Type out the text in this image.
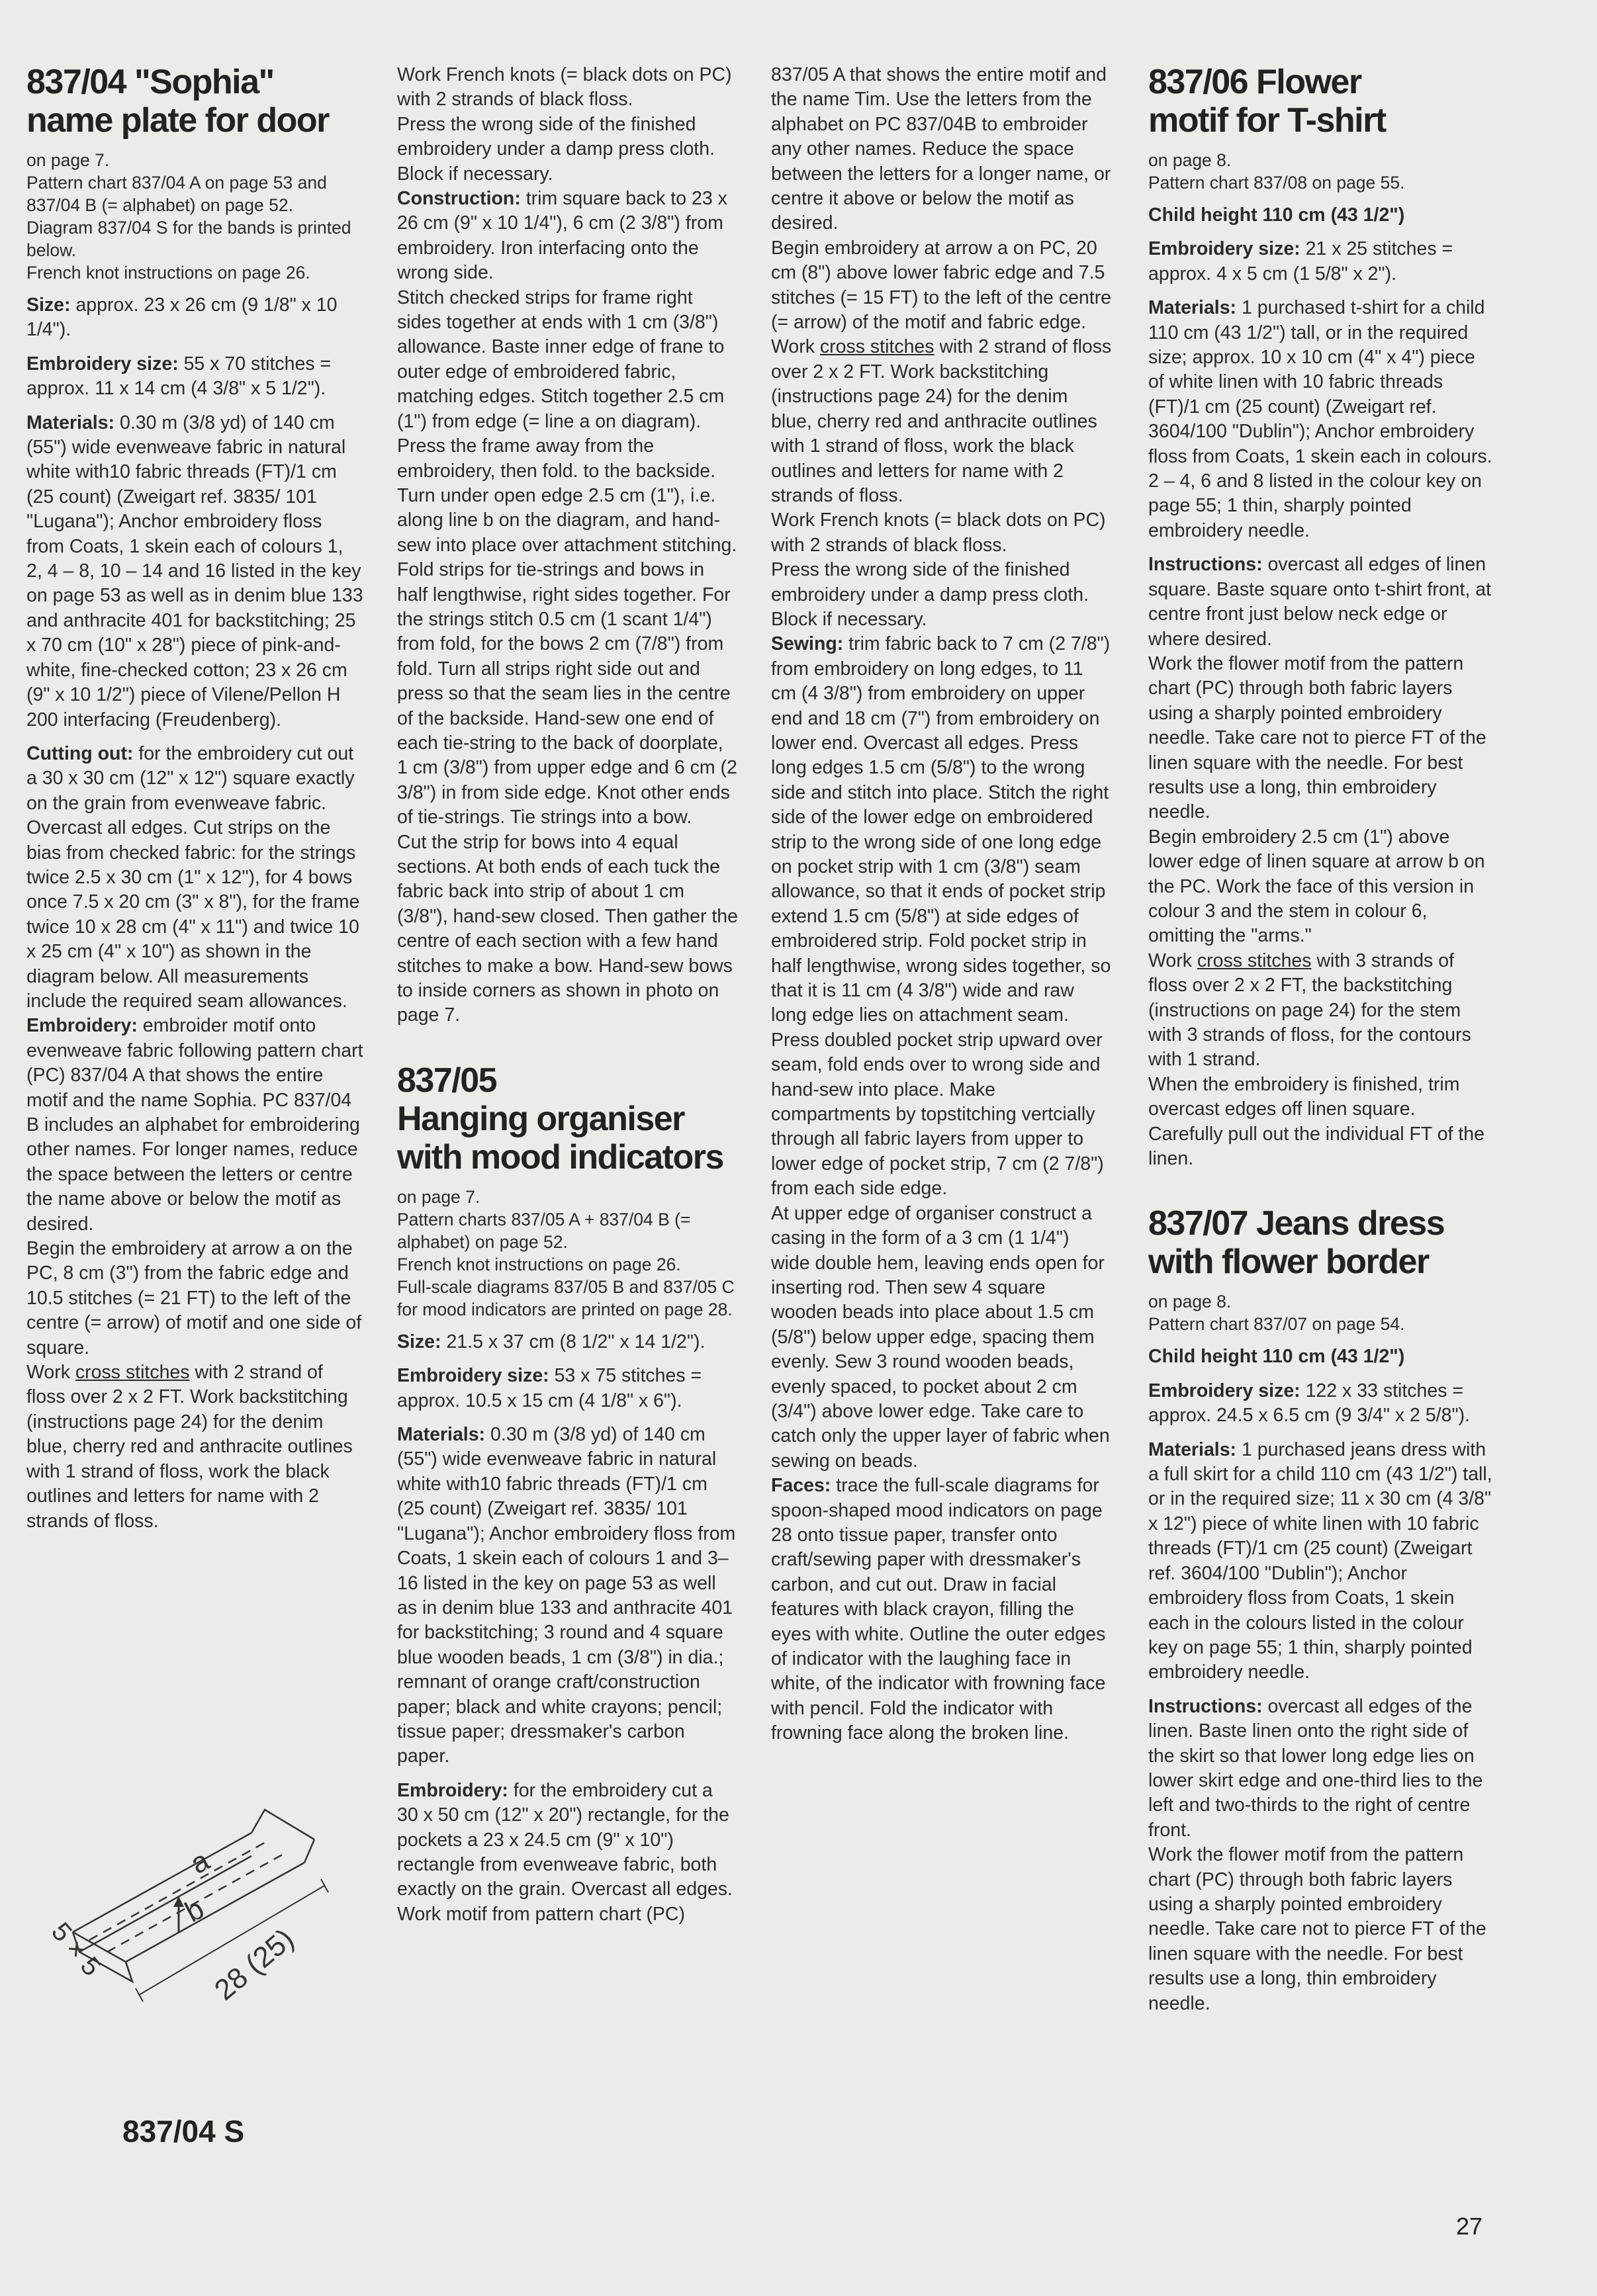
837/04 "Sophia"
name plate for door
on page 7.
Pattern chart 837/04 A on page 53 and 837/04 B (= alphabet) on page 52.
Diagram 837/04 S for the bands is printed below.
French knot instructions on page 26.

Size: approx. 23 x 26 cm (9 1/8" x 10 1/4").

Embroidery size: 55 x 70 stitches = approx. 11 x 14 cm (4 3/8" x 5 1/2").

Materials: 0.30 m (3/8 yd) of 140 cm (55") wide evenweave fabric in natural white with10 fabric threads (FT)/1 cm (25 count) (Zweigart ref. 3835/ 101 "Lugana"); Anchor embroidery floss from Coats, 1 skein each of colours 1, 2, 4 – 8, 10 – 14 and 16 listed in the key on page 53 as well as in denim blue 133 and anthracite 401 for backstitching; 25 x 70 cm (10" x 28") piece of pink-and-white, fine-checked cotton; 23 x 26 cm (9" x 10 1/2") piece of Vilene/Pellon H 200 interfacing (Freudenberg).

Cutting out: for the embroidery cut out a 30 x 30 cm (12" x 12") square exactly on the grain from evenweave fabric. Overcast all edges. Cut strips on the bias from checked fabric: for the strings twice 2.5 x 30 cm (1" x 12"), for 4 bows once 7.5 x 20 cm (3" x 8"), for the frame twice 10 x 28 cm (4" x 11") and twice 10 x 25 cm (4" x 10") as shown in the diagram below. All measurements include the required seam allowances.

Embroidery: embroider motif onto evenweave fabric following pattern chart (PC) 837/04 A that shows the entire motif and the name Sophia. PC 837/04 B includes an alphabet for embroidering other names. For longer names, reduce the space between the letters or centre the name above or below the motif as desired.

Begin the embroidery at arrow a on the PC, 8 cm (3") from the fabric edge and 10.5 stitches (= 21 FT) to the left of the centre (= arrow) of motif and one side of square.

Work cross stitches with 2 strand of floss over 2 x 2 FT. Work backstitching (instructions page 24) for the denim blue, cherry red and anthracite outlines with 1 strand of floss, work the black outlines and letters for name with 2 strands of floss.

a
b
28 (25)
5 × 5
837/04 S

Work French knots (= black dots on PC) with 2 strands of black floss.

Press the wrong side of the finished embroidery under a damp press cloth. Block if necessary.

Construction: trim square back to 23 x 26 cm (9" x 10 1/4"), 6 cm (2 3/8") from embroidery. Iron interfacing onto the wrong side.

Stitch checked strips for frame right sides together at ends with 1 cm (3/8") allowance. Baste inner edge of frane to outer edge of embroidered fabric, matching edges. Stitch together 2.5 cm (1") from edge (= line a on diagram). Press the frame away from the embroidery, then fold. to the backside. Turn under open edge 2.5 cm (1"), i.e. along line b on the diagram, and hand-sew into place over attachment stitching.

Fold strips for tie-strings and bows in half lengthwise, right sides together. For the strings stitch 0.5 cm (1 scant 1/4") from fold, for the bows 2 cm (7/8") from fold. Turn all strips right side out and press so that the seam lies in the centre of the backside. Hand-sew one end of each tie-string to the back of doorplate, 1 cm (3/8") from upper edge and 6 cm (2 3/8") in from side edge. Knot other ends of tie-strings. Tie strings into a bow.

Cut the strip for bows into 4 equal sections. At both ends of each tuck the fabric back into strip of about 1 cm (3/8"), hand-sew closed. Then gather the centre of each section with a few hand stitches to make a bow. Hand-sew bows to inside corners as shown in photo on page 7.

837/05
Hanging organiser
with mood indicators
on page 7.
Pattern charts 837/05 A + 837/04 B (= alphabet) on page 52.
French knot instructions on page 26.
Full-scale diagrams 837/05 B and 837/05 C for mood indicators are printed on page 28.

Size: 21.5 x 37 cm (8 1/2" x 14 1/2").

Embroidery size: 53 x 75 stitches = approx. 10.5 x 15 cm (4 1/8" x 6").

Materials: 0.30 m (3/8 yd) of 140 cm (55") wide evenweave fabric in natural white with10 fabric threads (FT)/1 cm (25 count) (Zweigart ref. 3835/ 101 "Lugana"); Anchor embroidery floss from Coats, 1 skein each of colours 1 and 3–16 listed in the key on page 53 as well as in denim blue 133 and anthracite 401 for backstitching; 3 round and 4 square blue wooden beads, 1 cm (3/8") in dia.; remnant of orange craft/construction paper; black and white crayons; pencil; tissue paper; dressmaker's carbon paper.

Embroidery: for the embroidery cut a 30 x 50 cm (12" x 20") rectangle, for the pockets a 23 x 24.5 cm (9" x 10") rectangle from evenweave fabric, both exactly on the grain. Overcast all edges.

Work motif from pattern chart (PC)

837/05 A that shows the entire motif and the name Tim. Use the letters from the alphabet on PC 837/04B to embroider any other names. Reduce the space between the letters for a longer name, or centre it above or below the motif as desired.

Begin embroidery at arrow a on PC, 20 cm (8") above lower fabric edge and 7.5 stitches (= 15 FT) to the left of the centre (= arrow) of the motif and fabric edge.

Work cross stitches with 2 strand of floss over 2 x 2 FT. Work backstitching (instructions page 24) for the denim blue, cherry red and anthracite outlines with 1 strand of floss, work the black outlines and letters for name with 2 strands of floss.

Work French knots (= black dots on PC) with 2 strands of black floss.

Press the wrong side of the finished embroidery under a damp press cloth. Block if necessary.

Sewing: trim fabric back to 7 cm (2 7/8") from embroidery on long edges, to 11 cm (4 3/8") from embroidery on upper end and 18 cm (7") from embroidery on lower end. Overcast all edges. Press long edges 1.5 cm (5/8") to the wrong side and stitch into place. Stitch the right side of the lower edge on embroidered strip to the wrong side of one long edge on pocket strip with 1 cm (3/8") seam allowance, so that it ends of pocket strip extend 1.5 cm (5/8") at side edges of embroidered strip. Fold pocket strip in half lengthwise, wrong sides together, so that it is 11 cm (4 3/8") wide and raw long edge lies on attachment seam. Press doubled pocket strip upward over seam, fold ends over to wrong side and hand-sew into place. Make compartments by topstitching vertcially through all fabric layers from upper to lower edge of pocket strip, 7 cm (2 7/8") from each side edge.

At upper edge of organiser construct a casing in the form of a 3 cm (1 1/4") wide double hem, leaving ends open for inserting rod. Then sew 4 square wooden beads into place about 1.5 cm (5/8") below upper edge, spacing them evenly. Sew 3 round wooden beads, evenly spaced, to pocket about 2 cm (3/4") above lower edge. Take care to catch only the upper layer of fabric when sewing on beads.

Faces: trace the full-scale diagrams for spoon-shaped mood indicators on page 28 onto tissue paper, transfer onto craft/sewing paper with dressmaker's carbon, and cut out. Draw in facial features with black crayon, filling the eyes with white. Outline the outer edges of indicator with the laughing face in white, of the indicator with frowning face with pencil. Fold the indicator with frowning face along the broken line.

837/06 Flower
motif for T-shirt
on page 8.
Pattern chart 837/08 on page 55.

Child height 110 cm (43 1/2")

Embroidery size: 21 x 25 stitches = approx. 4 x 5 cm (1 5/8" x 2").

Materials: 1 purchased t-shirt for a child 110 cm (43 1/2") tall, or in the required size; approx. 10 x 10 cm (4" x 4") piece of white linen with 10 fabric threads (FT)/1 cm (25 count) (Zweigart ref. 3604/100 "Dublin"); Anchor embroidery floss from Coats, 1 skein each in colours. 2 – 4, 6 and 8 listed in the colour key on page 55; 1 thin, sharply pointed embroidery needle.

Instructions: overcast all edges of linen square. Baste square onto t-shirt front, at centre front just below neck edge or where desired.

Work the flower motif from the pattern chart (PC) through both fabric layers using a sharply pointed embroidery needle. Take care not to pierce FT of the linen square with the needle. For best results use a long, thin embroidery needle.

Begin embroidery 2.5 cm (1") above lower edge of linen square at arrow b on the PC. Work the face of this version in colour 3 and the stem in colour 6, omitting the "arms."

Work cross stitches with 3 strands of floss over 2 x 2 FT, the backstitching (instructions on page 24) for the stem with 3 strands of floss, for the contours with 1 strand.

When the embroidery is finished, trim overcast edges off linen square. Carefully pull out the individual FT of the linen.

837/07 Jeans dress
with flower border
on page 8.
Pattern chart 837/07 on page 54.

Child height 110 cm (43 1/2")

Embroidery size: 122 x 33 stitches = approx. 24.5 x 6.5 cm (9 3/4" x 2 5/8").

Materials: 1 purchased jeans dress with a full skirt for a child 110 cm (43 1/2") tall, or in the required size; 11 x 30 cm (4 3/8" x 12") piece of white linen with 10 fabric threads (FT)/1 cm (25 count) (Zweigart ref. 3604/100 "Dublin"); Anchor embroidery floss from Coats, 1 skein each in the colours listed in the colour key on page 55; 1 thin, sharply pointed embroidery needle.

Instructions: overcast all edges of the linen. Baste linen onto the right side of the skirt so that lower long edge lies on lower skirt edge and one-third lies to the left and two-thirds to the right of centre front.

Work the flower motif from the pattern chart (PC) through both fabric layers using a sharply pointed embroidery needle. Take care not to pierce FT of the linen square with the needle. For best results use a long, thin embroidery needle.

27
